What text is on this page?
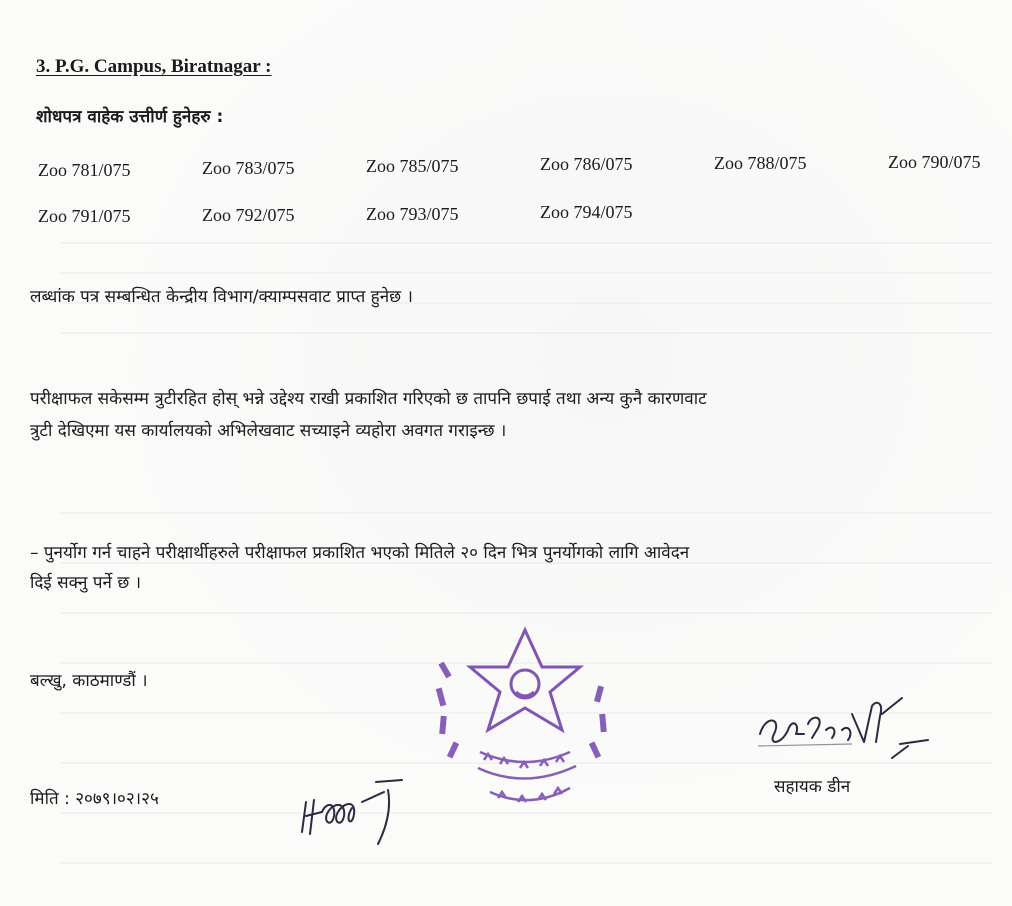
3. P.G. Campus, Biratnagar :
शोधपत्र वाहेक उत्तीर्ण हुनेहरु :
Zoo 781/075	Zoo 783/075	Zoo 785/075	Zoo 786/075	Zoo 788/075	Zoo 790/075
Zoo 791/075	Zoo 792/075	Zoo 793/075	Zoo 794/075
लब्धांक पत्र सम्बन्धित केन्द्रीय विभाग/क्याम्पसवाट प्राप्त हुनेछ ।
परीक्षाफल सकेसम्म त्रुटीरहित होस् भन्ने उद्देश्य राखी प्रकाशित गरिएको छ तापनि छपाई तथा अन्य कुनै कारणवाट
त्रुटी देखिएमा यस कार्यालयको अभिलेखवाट सच्याइने व्यहोरा अवगत गराइन्छ ।
– पुनर्योग गर्न चाहने परीक्षार्थीहरुले परीक्षाफल प्रकाशित भएको मितिले २० दिन भित्र पुनर्योगको लागि आवेदन
दिई सक्नु पर्ने छ ।
बल्खु, काठमाण्डौं ।
मिति : २०७९।०२।२५
सहायक डीन
